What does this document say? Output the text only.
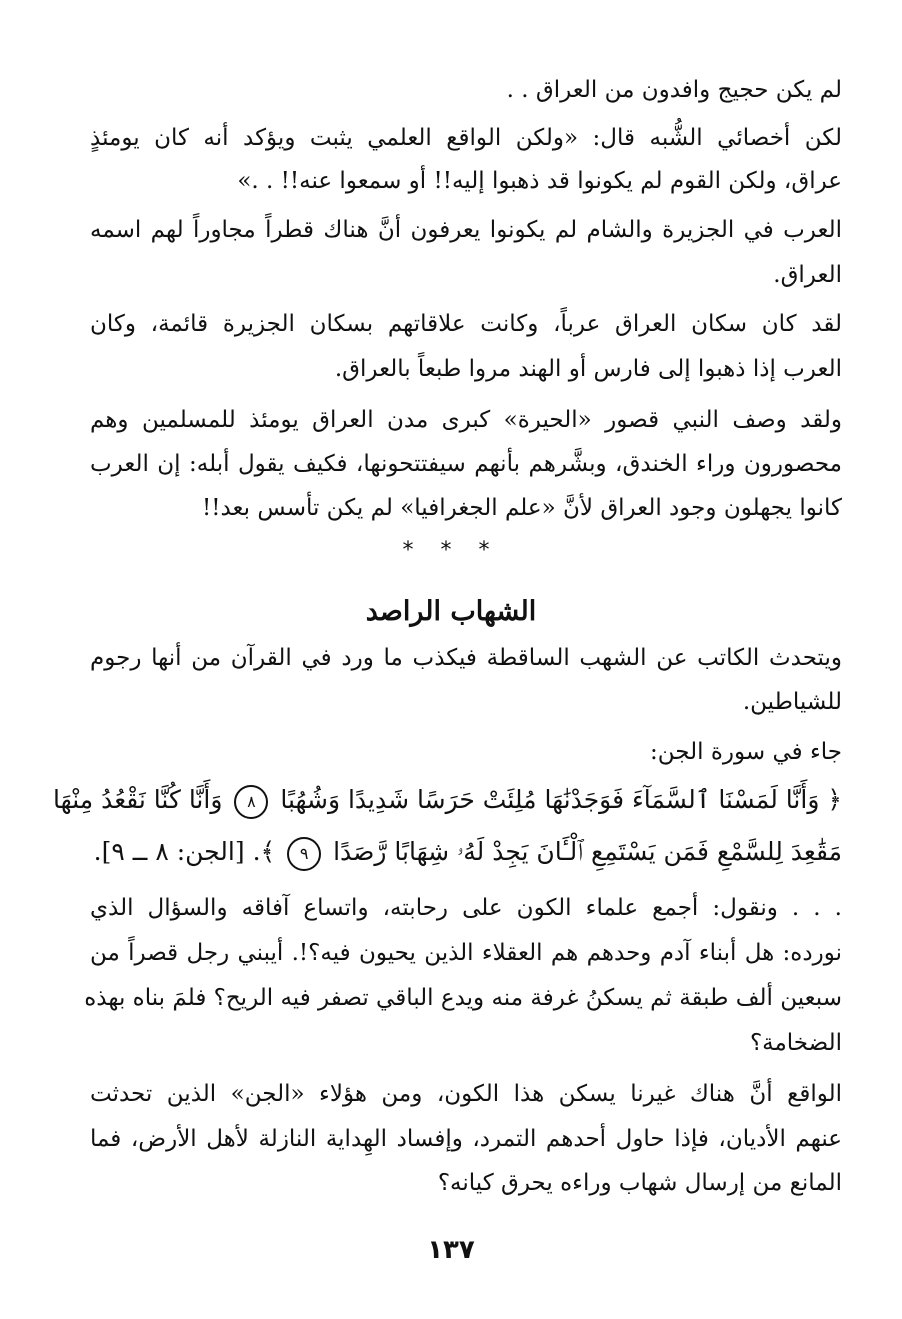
لم يكن حجيج وافدون من العراق . .
لكن أخصائي الشُّبه قال: «ولكن الواقع العلمي يثبت ويؤكد أنه كان يومئذٍ
عراق، ولكن القوم لم يكونوا قد ذهبوا إليه!! أو سمعوا عنه!! . .»
العرب في الجزيرة والشام لم يكونوا يعرفون أنَّ هناك قطراً مجاوراً لهم اسمه
العراق.
لقد كان سكان العراق عرباً، وكانت علاقاتهم بسكان الجزيرة قائمة، وكان
العرب إذا ذهبوا إلى فارس أو الهند مروا طبعاً بالعراق.
ولقد وصف النبي قصور «الحيرة» كبرى مدن العراق يومئذ للمسلمين وهم
محصورون وراء الخندق، وبشَّرهم بأنهم سيفتتحونها، فكيف يقول أبله: إن العرب
كانوا يجهلون وجود العراق لأنَّ «علم الجغرافيا» لم يكن تأسس بعد!!
* * *
الشهاب الراصد
ويتحدث الكاتب عن الشهب الساقطة فيكذب ما ورد في القرآن من أنها رجوم
للشياطين.
جاء في سورة الجن:
﴿ وَأَنَّا لَمَسْنَا ٱلسَّمَآءَ فَوَجَدْنَٰهَا مُلِئَتْ حَرَسًا شَدِيدًا وَشُهُبًا ٨ وَأَنَّا كُنَّا نَقْعُدُ مِنْهَا
مَقَٰعِدَ لِلسَّمْعِ فَمَن يَسْتَمِعِ ٱلْـَٔانَ يَجِدْ لَهُۥ شِهَابًا رَّصَدًا ٩ ﴾. [الجن: ٨ ــ ٩].
. . . ونقول: أجمع علماء الكون على رحابته، واتساع آفاقه والسؤال الذي
نورده: هل أبناء آدم وحدهم هم العقلاء الذين يحيون فيه؟!. أيبني رجل قصراً من
سبعين ألف طبقة ثم يسكنُ غرفة منه ويدع الباقي تصفر فيه الريح؟ فلمَ بناه بهذه
الضخامة؟
الواقع أنَّ هناك غيرنا يسكن هذا الكون، ومن هؤلاء «الجن» الذين تحدثت
عنهم الأديان، فإذا حاول أحدهم التمرد، وإفساد الهِداية النازلة لأهل الأرض، فما
المانع من إرسال شهاب وراءه يحرق كيانه؟
١٣٧
